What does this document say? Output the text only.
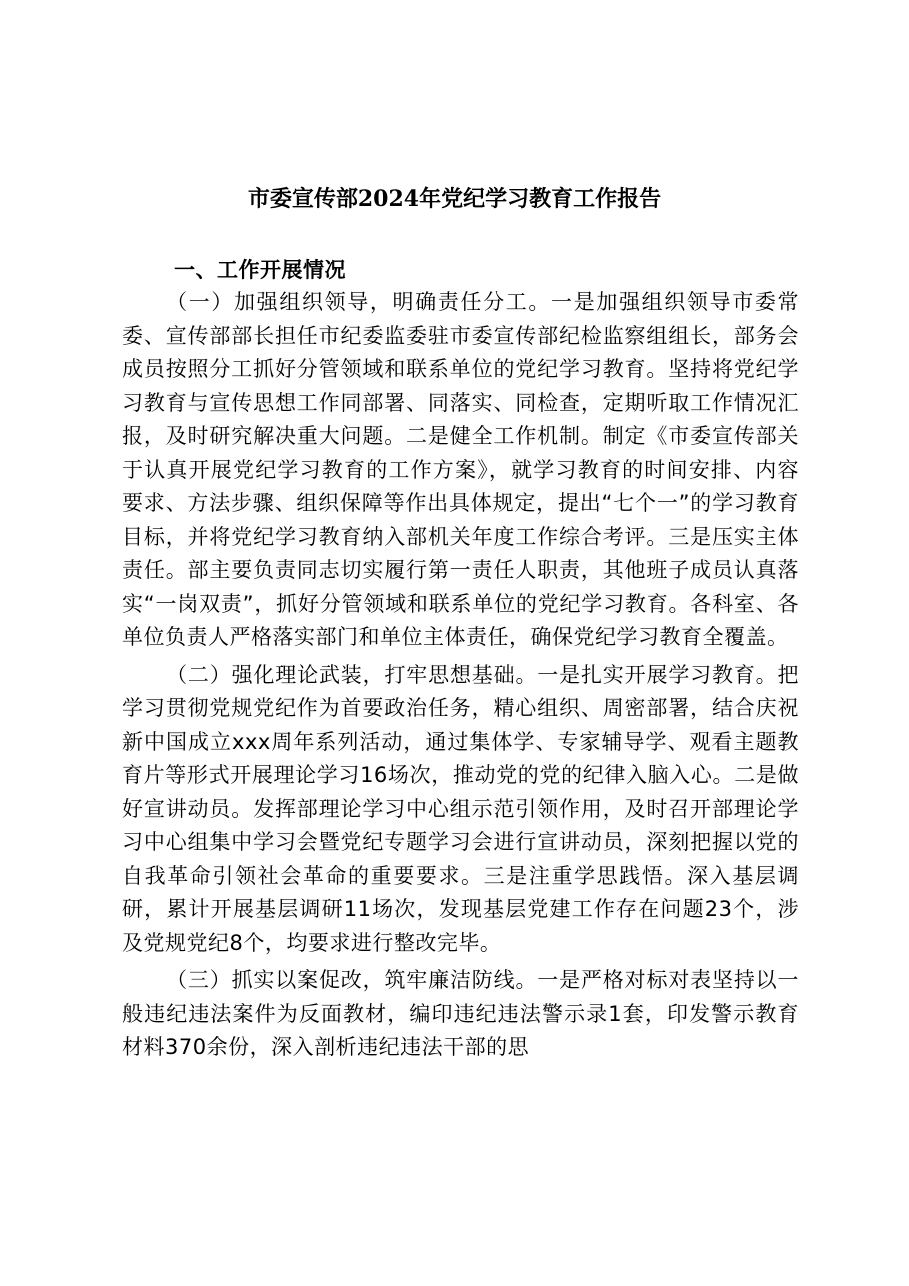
市委宣传部2024年党纪学习教育工作报告

一、工作开展情况

（一）加强组织领导，明确责任分工。一是加强组织领导市委常委、宣传部部长担任市纪委监委驻市委宣传部纪检监察组组长，部务会成员按照分工抓好分管领域和联系单位的党纪学习教育。坚持将党纪学习教育与宣传思想工作同部署、同落实、同检查，定期听取工作情况汇报，及时研究解决重大问题。二是健全工作机制。制定《市委宣传部关于认真开展党纪学习教育的工作方案》，就学习教育的时间安排、内容要求、方法步骤、组织保障等作出具体规定，提出“七个一”的学习教育目标，并将党纪学习教育纳入部机关年度工作综合考评。三是压实主体责任。部主要负责同志切实履行第一责任人职责，其他班子成员认真落实“一岗双责”，抓好分管领域和联系单位的党纪学习教育。各科室、各单位负责人严格落实部门和单位主体责任，确保党纪学习教育全覆盖。

（二）强化理论武装，打牢思想基础。一是扎实开展学习教育。把学习贯彻党规党纪作为首要政治任务，精心组织、周密部署，结合庆祝新中国成立xxx周年系列活动，通过集体学、专家辅导学、观看主题教育片等形式开展理论学习16场次，推动党的党的纪律入脑入心。二是做好宣讲动员。发挥部理论学习中心组示范引领作用，及时召开部理论学习中心组集中学习会暨党纪专题学习会进行宣讲动员，深刻把握以党的自我革命引领社会革命的重要要求。三是注重学思践悟。深入基层调研，累计开展基层调研11场次，发现基层党建工作存在问题23个，涉及党规党纪8个，均要求进行整改完毕。

（三）抓实以案促改，筑牢廉洁防线。一是严格对标对表坚持以一般违纪违法案件为反面教材，编印违纪违法警示录1套，印发警示教育材料370余份，深入剖析违纪违法干部的思
